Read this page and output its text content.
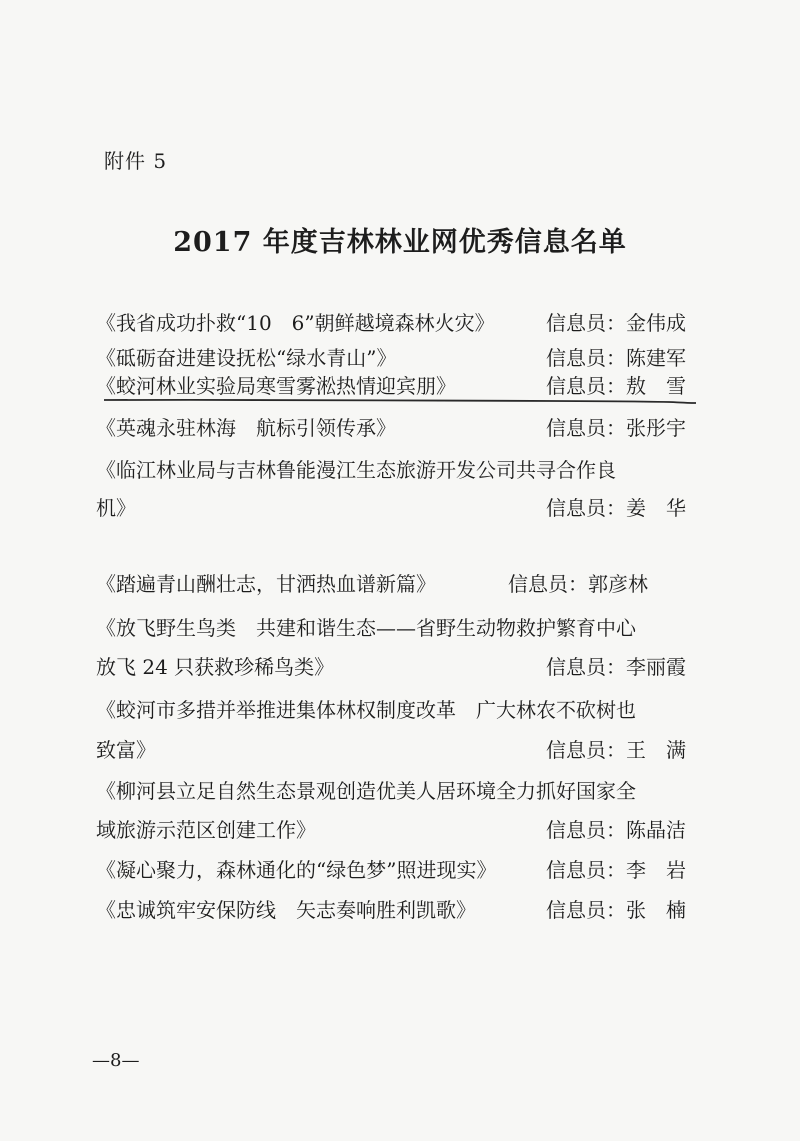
附件 5
2017 年度吉林林业网优秀信息名单
《我省成功扑救“10　6”朝鲜越境森林火灾》	信息员：金伟成
《砥砺奋进建设抚松“绿水青山”》	信息员：陈建军
《蛟河林业实验局寒雪雾淞热情迎宾朋》	信息员：敖　雪
《英魂永驻林海　航标引领传承》	信息员：张彤宇
《临江林业局与吉林鲁能漫江生态旅游开发公司共寻合作良
机》	信息员：姜　华
《踏遍青山酬壮志，甘洒热血谱新篇》	信息员：郭彦林
《放飞野生鸟类　共建和谐生态——省野生动物救护繁育中心
放飞 24 只获救珍稀鸟类》	信息员：李丽霞
《蛟河市多措并举推进集体林权制度改革　广大林农不砍树也
致富》	信息员：王　满
《柳河县立足自然生态景观创造优美人居环境全力抓好国家全
域旅游示范区创建工作》	信息员：陈晶洁
《凝心聚力，森林通化的“绿色梦”照进现实》 信息员：李　岩
《忠诚筑牢安保防线　矢志奏响胜利凯歌》	信息员：张　楠
—8—
